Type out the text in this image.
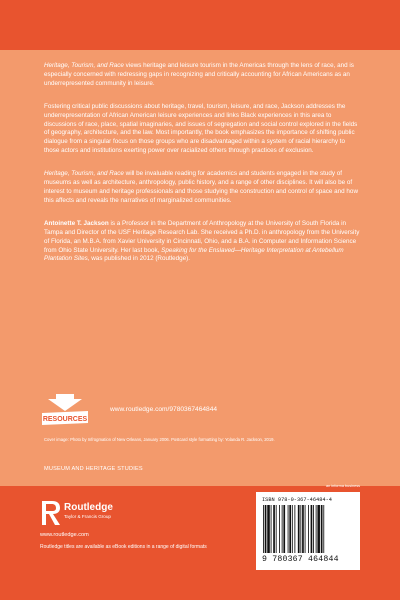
Heritage, Tourism, and Race views heritage and leisure tourism in the Americas through the lens of race, and is especially concerned with redressing gaps in recognizing and critically accounting for African Americans as an underrepresented community in leisure.

Fostering critical public discussions about heritage, travel, tourism, leisure, and race, Jackson addresses the underrepresentation of African American leisure experiences and links Black experiences in this area to discussions of race, place, spatial imaginaries, and issues of segregation and social control explored in the fields of geography, architecture, and the law. Most importantly, the book emphasizes the importance of shifting public dialogue from a singular focus on those groups who are disadvantaged within a system of racial hierarchy to those actors and institutions exerting power over racialized others through practices of exclusion.

Heritage, Tourism, and Race will be invaluable reading for academics and students engaged in the study of museums as well as architecture, anthropology, public history, and a range of other disciplines. It will also be of interest to museum and heritage professionals and those studying the construction and control of space and how this affects and reveals the narratives of marginalized communities.

Antoinette T. Jackson is a Professor in the Department of Anthropology at the University of South Florida in Tampa and Director of the USF Heritage Research Lab. She received a Ph.D. in anthropology from the University of Florida, an M.B.A. from Xavier University in Cincinnati, Ohio, and a B.A. in Computer and Information Science from Ohio State University. Her last book, Speaking for the Enslaved—Heritage Interpretation at Antebellum Plantation Sites, was published in 2012 (Routledge).

RESOURCES
www.routledge.com/9780367464844
Cover image: Photo by Infrogmation of New Orleans, January 2006. Postcard style formatting by: Yolanda R. Jackson, 2019.
MUSEUM AND HERITAGE STUDIES
Routledge
Taylor & Francis Group
www.routledge.com
Routledge titles are available as eBook editions in a range of digital formats
an informa business
ISBN 978-0-367-46484-4
9 780367 464844
